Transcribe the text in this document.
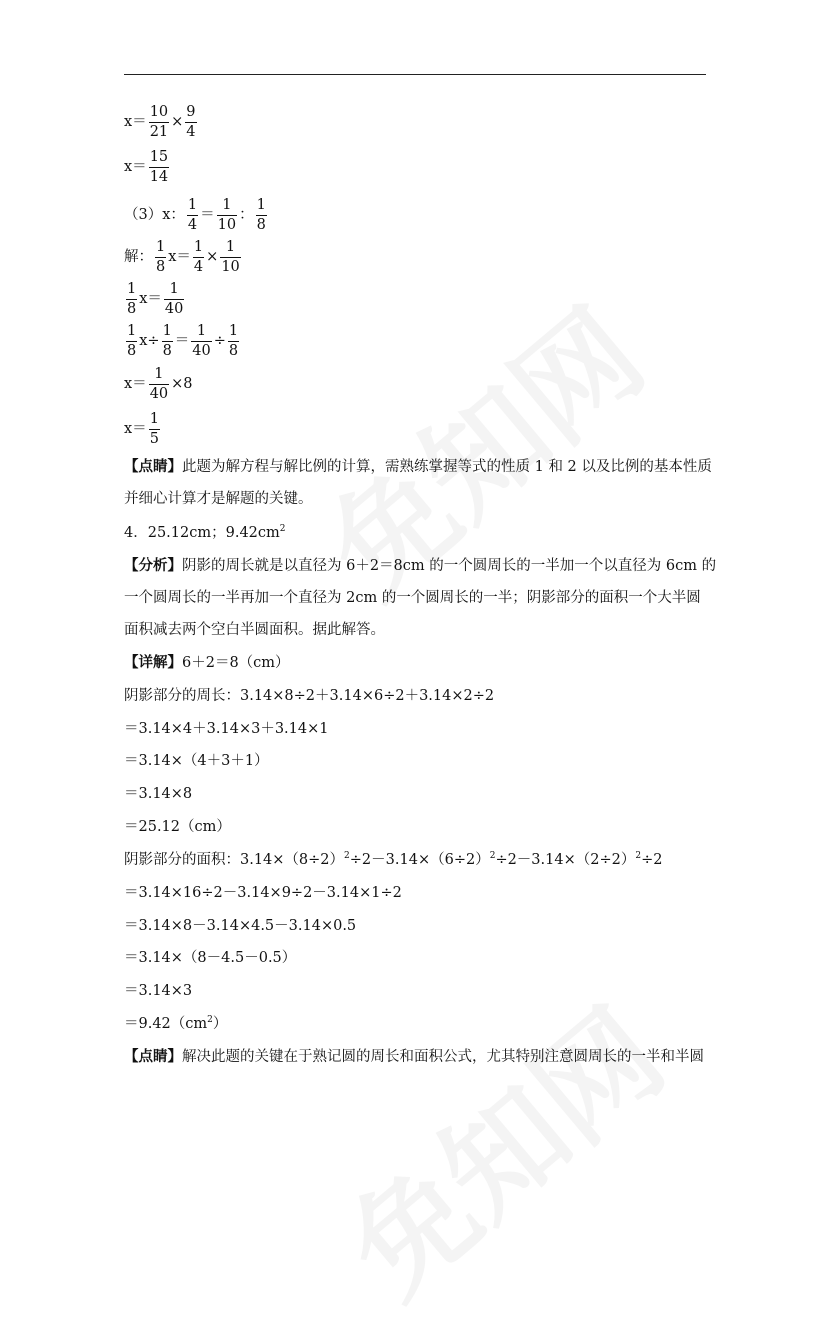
$x= \frac{10}{21} \times \frac{9}{4}$
$x= \frac{15}{14}$
（3）x： $\frac{1}{4} = \frac{1}{10}$ ： $\frac{1}{8}$
解： $\frac{1}{8} x= \frac{1}{4} \times \frac{1}{10}$
$\frac{1}{8} x= \frac{1}{40}$
$\frac{1}{8} x\div \frac{1}{8} = \frac{1}{40} \div \frac{1}{8}$
$x= \frac{1}{40} \times 8$
$x= \frac{1}{5}$
【点睛】此题为解方程与解比例的计算，需熟练掌握等式的性质 1 和 2 以及比例的基本性质
并细心计算才是解题的关键。
4．25.12cm；$9.42cm^2$
【分析】阴影的周长就是以直径为 6＋2＝8cm 的一个圆周长的一半加一个以直径为 6cm 的
一个圆周长的一半再加一个直径为 2cm 的一个圆周长的一半；阴影部分的面积一个大半圆
面积减去两个空白半圆面积。据此解答。
【详解】6＋2＝8（cm）
阴影部分的周长：3.14×8÷2＋3.14×6÷2＋3.14×2÷2
＝3.14×4＋3.14×3＋3.14×1
＝3.14×（4＋3＋1）
＝3.14×8
＝25.12（cm）
阴影部分的面积：$3.14\times(8\div 2)^2\div 2-3.14\times(6\div 2)^2\div 2-3.14\times(2\div 2)^2\div 2$
＝3.14×16÷2－3.14×9÷2－3.14×1÷2
＝3.14×8－3.14×4.5－3.14×0.5
＝3.14×（8－4.5－0.5）
＝3.14×3
$=9.42(cm^2)$
【点睛】解决此题的关键在于熟记圆的周长和面积公式，尤其特别注意圆周长的一半和半圆
